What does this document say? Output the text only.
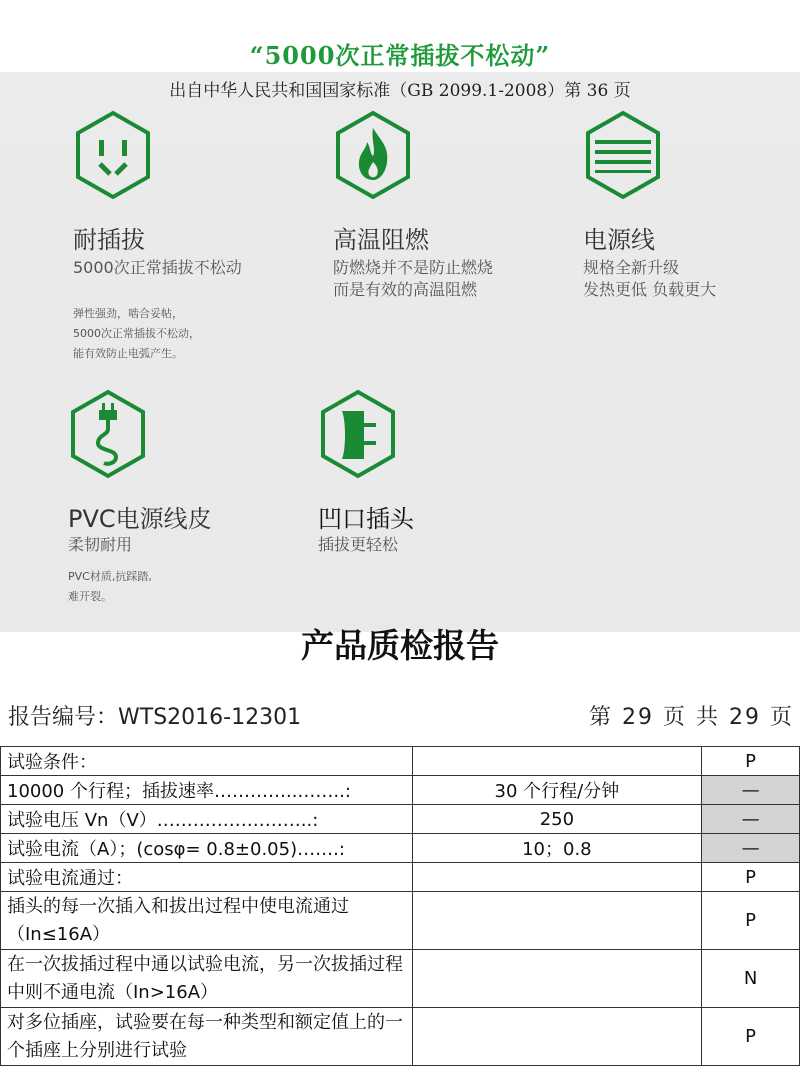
“5000次正常插拔不松动”
出自中华人民共和国国家标准（GB 2099.1-2008）第 36 页
耐插拔
5000次正常插拔不松动
弹性强劲，啮合妥帖，
5000次正常插拔不松动，
能有效防止电弧产生。
高温阻燃
防燃烧并不是防止燃烧
而是有效的高温阻燃
电源线
规格全新升级
发热更低 负载更大
PVC电源线皮
柔韧耐用
PVC材质,抗踩踏,
难开裂。
凹口插头
插拔更轻松
产品质检报告
报告编号：WTS2016-12301	第 29 页 共 29 页
试验条件：		P
10000 个行程；插拔速率…………..……..:	30 个行程/分钟	—
试验电压 Vn（V）……………………..:	250	—
试验电流（A）；(cosφ= 0.8±0.05)…….:	10；0.8	—
试验电流通过：		P
插头的每一次插入和拔出过程中使电流通过（In≤16A）		P
在一次拔插过程中通以试验电流，另一次拔插过程中则不通电流（In>16A）		N
对多位插座，试验要在每一种类型和额定值上的一个插座上分别进行试验		P
